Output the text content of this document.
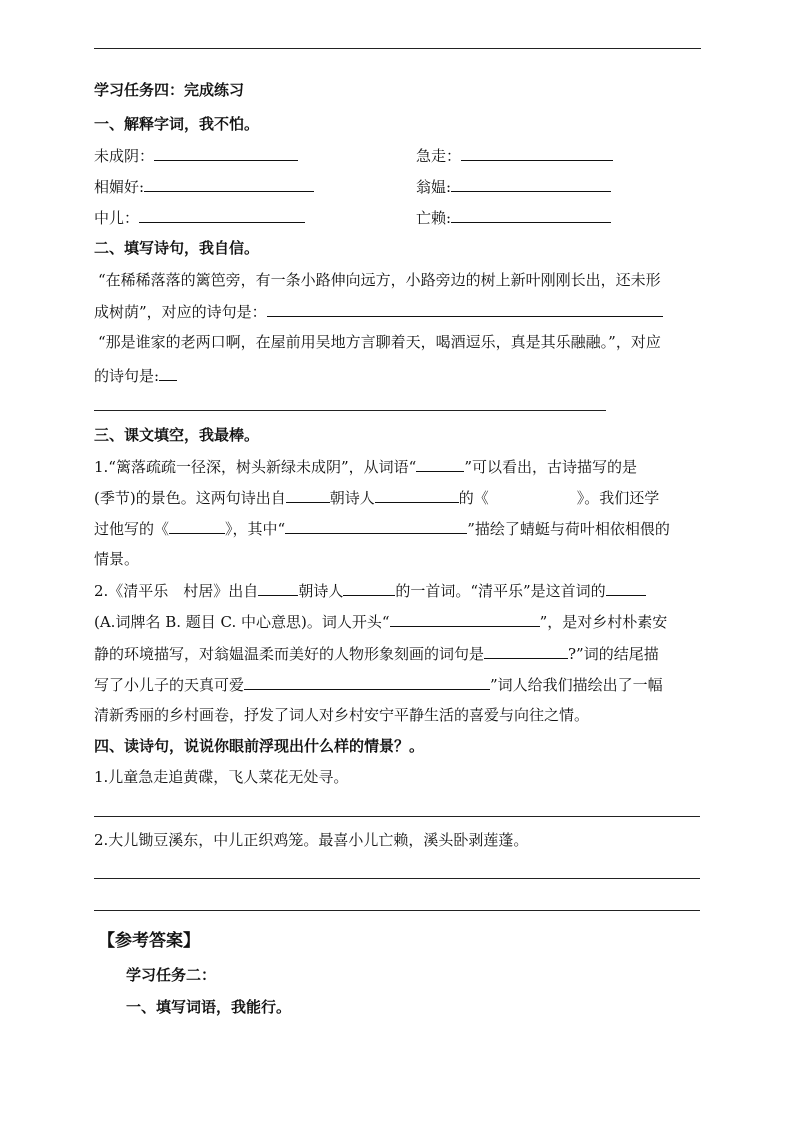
学习任务四：完成练习
一、解释字词，我不怕。
未成阴：	急走：
相媚好:	翁媪:
中儿：	亡赖:
二、填写诗句，我自信。
“在稀稀落落的篱笆旁，有一条小路伸向远方，小路旁边的树上新叶刚刚长出，还未形
成树荫”，对应的诗句是：
“那是谁家的老两口啊，在屋前用吴地方言聊着天，喝酒逗乐，真是其乐融融。”，对应
的诗句是:
三、课文填空，我最棒。
1.“篱落疏疏一径深，树头新绿未成阴”，从词语“	”可以看出，古诗描写的是
(季节)的景色。这两句诗出自	朝诗人	的《	》。我们还学
过他写的《	》，其中“	”描绘了蜻蜓与荷叶相依相偎的
情景。
2.《清平乐　村居》出自	朝诗人	的一首词。“清平乐”是这首词的
(A.词牌名 B. 题目 C. 中心意思)。词人开头“	”，是对乡村朴素安
静的环境描写，对翁媪温柔而美好的人物形象刻画的词句是	?”词的结尾描
写了小儿子的天真可爱	”词人给我们描绘出了一幅
清新秀丽的乡村画卷，抒发了词人对乡村安宁平静生活的喜爱与向往之情。
四、读诗句，说说你眼前浮现出什么样的情景？。
1.儿童急走追黄碟，飞人菜花无处寻。
2.大儿锄豆溪东，中儿正织鸡笼。最喜小儿亡赖，溪头卧剥莲蓬。
【参考答案】
学习任务二：
一、填写词语，我能行。
